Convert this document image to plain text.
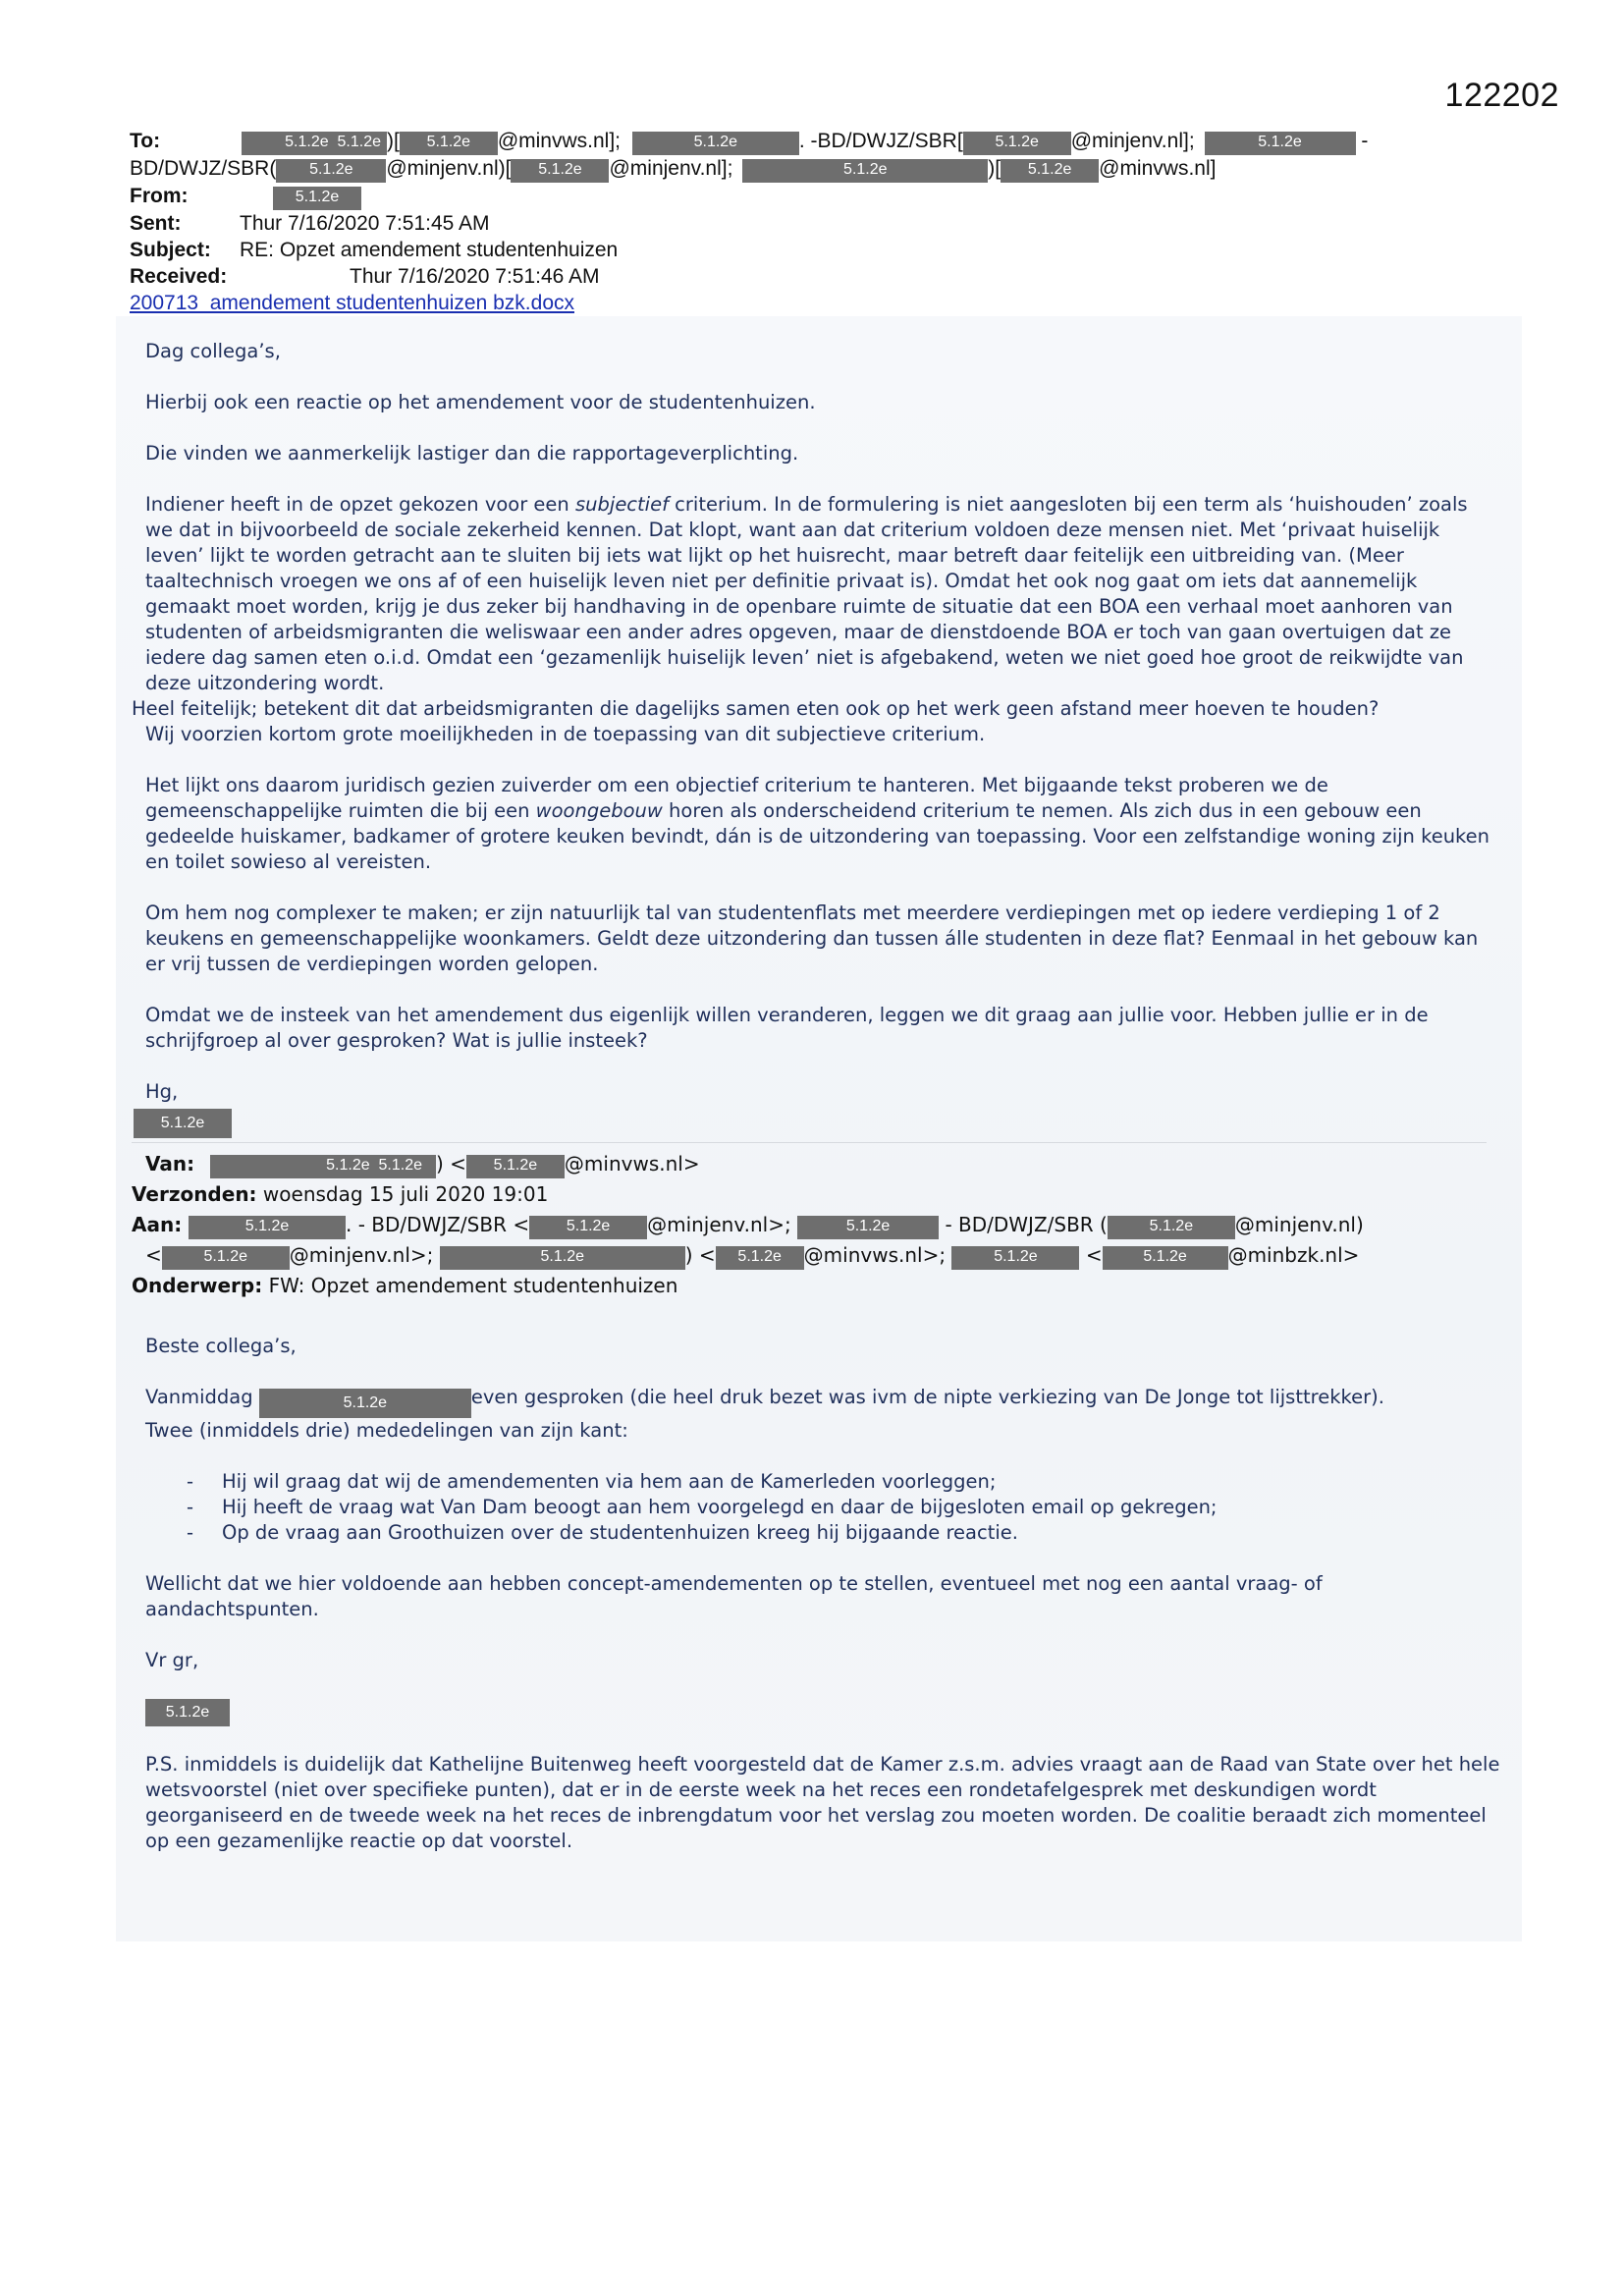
122202
To:	5.1.2e 5.1.2e )[ 5.1.2e @minvws.nl];	5.1.2e	. -BD/DWJZ/SBR[ 5.1.2e @minjenv.nl];	5.1.2e	-
BD/DWJZ/SBR( 5.1.2e @minjenv.nl)[ 5.1.2e @minjenv.nl];	5.1.2e	)[ 5.1.2e @minvws.nl]
From:	5.1.2e
Sent:	Thur 7/16/2020 7:51:45 AM
Subject: RE: Opzet amendement studentenhuizen
Received:	Thur 7/16/2020 7:51:46 AM
200713_amendement studentenhuizen bzk.docx

Dag collega’s,

Hierbij ook een reactie op het amendement voor de studentenhuizen.

Die vinden we aanmerkelijk lastiger dan die rapportageverplichting.

Indiener heeft in de opzet gekozen voor een subjectief criterium. In de formulering is niet aangesloten bij een term als ‘huishouden’ zoals we dat in bijvoorbeeld de sociale zekerheid kennen. Dat klopt, want aan dat criterium voldoen deze mensen niet. Met ‘privaat huiselijk leven’ lijkt te worden getracht aan te sluiten bij iets wat lijkt op het huisrecht, maar betreft daar feitelijk een uitbreiding van. (Meer taaltechnisch vroegen we ons af of een huiselijk leven niet per definitie privaat is). Omdat het ook nog gaat om iets dat aannemelijk gemaakt moet worden, krijg je dus zeker bij handhaving in de openbare ruimte de situatie dat een BOA een verhaal moet aanhoren van studenten of arbeidsmigranten die weliswaar een ander adres opgeven, maar de dienstdoende BOA er toch van gaan overtuigen dat ze iedere dag samen eten o.i.d. Omdat een ‘gezamenlijk huiselijk leven’ niet is afgebakend, weten we niet goed hoe groot de reikwijdte van deze uitzondering wordt.

Heel feitelijk; betekent dit dat arbeidsmigranten die dagelijks samen eten ook op het werk geen afstand meer hoeven te houden?

Wij voorzien kortom grote moeilijkheden in de toepassing van dit subjectieve criterium.

Het lijkt ons daarom juridisch gezien zuiverder om een objectief criterium te hanteren. Met bijgaande tekst proberen we de gemeenschappelijke ruimten die bij een woongebouw horen als onderscheidend criterium te nemen. Als zich dus in een gebouw een gedeelde huiskamer, badkamer of grotere keuken bevindt, dán is de uitzondering van toepassing. Voor een zelfstandige woning zijn keuken en toilet sowieso al vereisten.

Om hem nog complexer te maken; er zijn natuurlijk tal van studentenflats met meerdere verdiepingen met op iedere verdieping 1 of 2 keukens en gemeenschappelijke woonkamers. Geldt deze uitzondering dan tussen álle studenten in deze flat? Eenmaal in het gebouw kan er vrij tussen de verdiepingen worden gelopen.

Omdat we de insteek van het amendement dus eigenlijk willen veranderen, leggen we dit graag aan jullie voor. Hebben jullie er in de schrijfgroep al over gesproken? Wat is jullie insteek?

Hg,
5.1.2e
Van:	5.1.2e 5.1.2e ) < 5.1.2e @minvws.nl>
Verzonden: woensdag 15 juli 2020 19:01
Aan:	5.1.2e	. - BD/DWJZ/SBR < 5.1.2e @minjenv.nl>;	5.1.2e	- BD/DWJZ/SBR (	5.1.2e @minjenv.nl)
<	5.1.2e @minjenv.nl>;	5.1.2e	) < 5.1.2e @minvws.nl>;	5.1.2e <	5.1.2e @minbzk.nl>
Onderwerp: FW: Opzet amendement studentenhuizen

Beste collega’s,

Vanmiddag	5.1.2e	even gesproken (die heel druk bezet was ivm de nipte verkiezing van De Jonge tot lijsttrekker).

Twee (inmiddels drie) mededelingen van zijn kant:

- Hij wil graag dat wij de amendementen via hem aan de Kamerleden voorleggen;
- Hij heeft de vraag wat Van Dam beoogt aan hem voorgelegd en daar de bijgesloten email op gekregen;
- Op de vraag aan Groothuizen over de studentenhuizen kreeg hij bijgaande reactie.

Wellicht dat we hier voldoende aan hebben concept-amendementen op te stellen, eventueel met nog een aantal vraag- of aandachtspunten.

Vr gr,

5.1.2e

P.S. inmiddels is duidelijk dat Kathelijne Buitenweg heeft voorgesteld dat de Kamer z.s.m. advies vraagt aan de Raad van State over het hele wetsvoorstel (niet over specifieke punten), dat er in de eerste week na het reces een rondetafelgesprek met deskundigen wordt georganiseerd en de tweede week na het reces de inbrengdatum voor het verslag zou moeten worden. De coalitie beraadt zich momenteel op een gezamenlijke reactie op dat voorstel.
